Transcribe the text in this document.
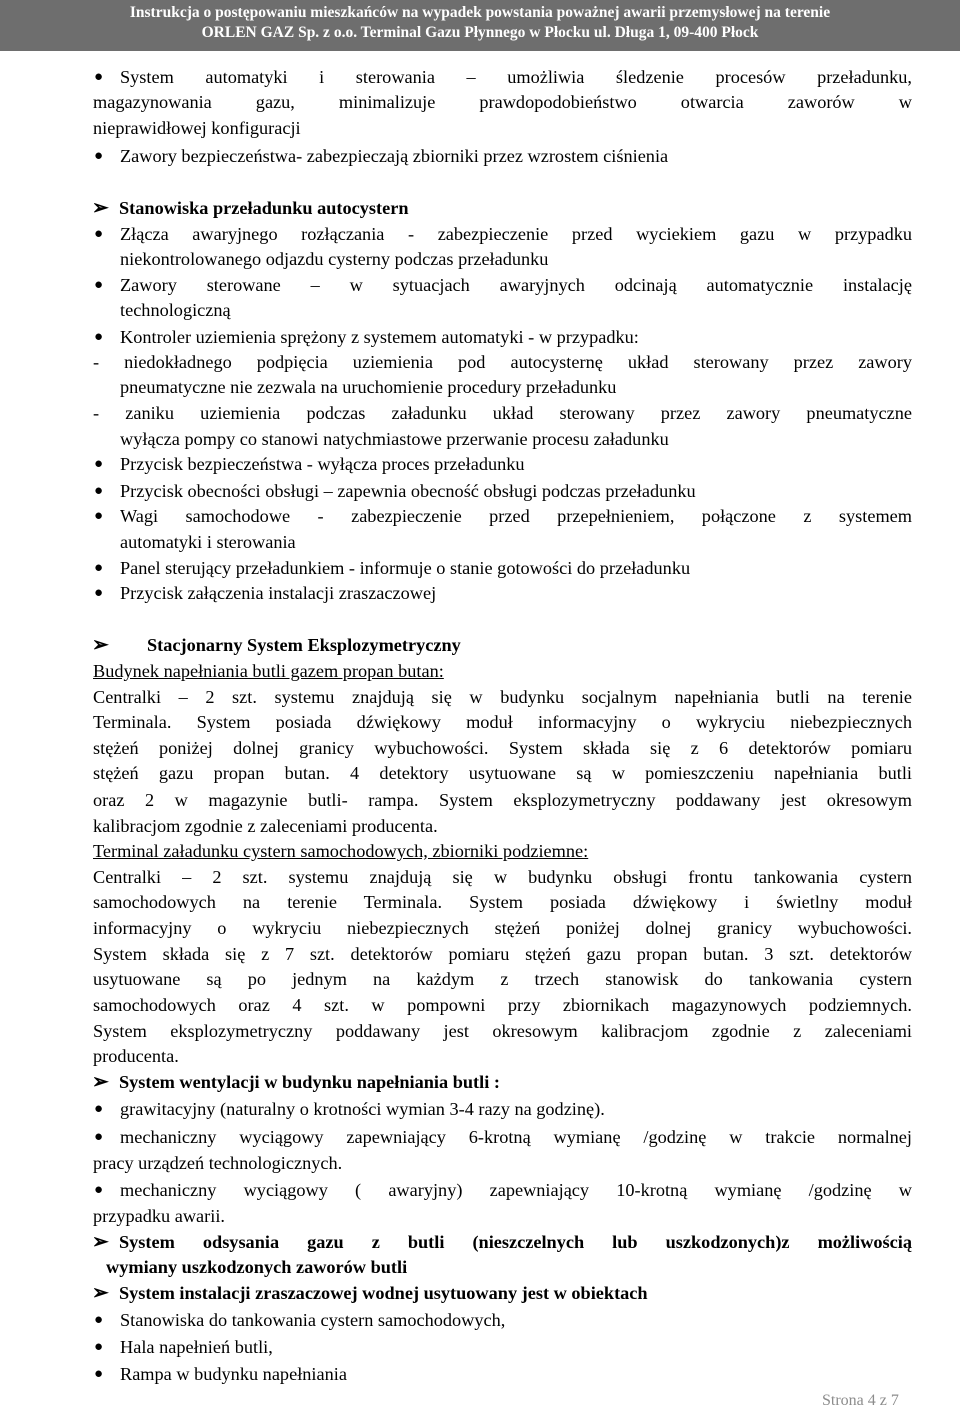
Instrukcja o postępowaniu mieszkańców na wypadek powstania poważnej awarii przemysłowej na terenie
ORLEN GAZ Sp. z o.o. Terminal Gazu Płynnego w Płocku ul. Długa 1, 09-400 Płock
●
●
➢
●
●
●
●
●
●
●
●
➢
➢
●
●
●
➢
➢
●
●
●
System automatyki i sterowania – umożliwia śledzenie procesów przeładunku,
magazynowania gazu, minimalizuje prawdopodobieństwo otwarcia zaworów w
nieprawidłowej konfiguracji
Zawory bezpieczeństwa- zabezpieczają zbiorniki przez wzrostem ciśnienia
Stanowiska przeładunku autocystern
Złącza awaryjnego rozłączania - zabezpieczenie przed wyciekiem gazu w przypadku
niekontrolowanego odjazdu cysterny podczas przeładunku
Zawory sterowane – w sytuacjach awaryjnych odcinają automatycznie instalację
technologiczną
Kontroler uziemienia sprężony z systemem automatyki - w przypadku:
- niedokładnego podpięcia uziemienia pod autocysternę układ sterowany przez zawory
pneumatyczne nie zezwala na uruchomienie procedury przeładunku
- zaniku uziemienia podczas załadunku układ sterowany przez zawory pneumatyczne
wyłącza pompy co stanowi natychmiastowe przerwanie procesu załadunku
Przycisk bezpieczeństwa - wyłącza proces przeładunku
Przycisk obecności obsługi – zapewnia obecność obsługi podczas przeładunku
Wagi samochodowe - zabezpieczenie przed przepełnieniem, połączone z systemem
automatyki i sterowania
Panel sterujący przeładunkiem - informuje o stanie gotowości do przeładunku
Przycisk załączenia instalacji zraszaczowej
Stacjonarny System Eksplozymetryczny
Budynek napełniania butli gazem propan butan:
Centralki – 2 szt. systemu znajdują się w budynku socjalnym napełniania butli na terenie
Terminala. System posiada dźwiękowy moduł informacyjny o wykryciu niebezpiecznych
stężeń poniżej dolnej granicy wybuchowości. System składa się z 6 detektorów pomiaru
stężeń gazu propan butan. 4 detektory usytuowane są w pomieszczeniu napełniania butli
oraz 2 w magazynie butli- rampa. System eksplozymetryczny poddawany jest okresowym
kalibracjom zgodnie z zaleceniami producenta.
Terminal załadunku cystern samochodowych, zbiorniki podziemne:
Centralki – 2 szt. systemu znajdują się w budynku obsługi frontu tankowania cystern
samochodowych na terenie Terminala. System posiada dźwiękowy i świetlny moduł
informacyjny o wykryciu niebezpiecznych stężeń poniżej dolnej granicy wybuchowości.
System składa się z 7 szt. detektorów pomiaru stężeń gazu propan butan. 3 szt. detektorów
usytuowane są po jednym na każdym z trzech stanowisk do tankowania cystern
samochodowych oraz 4 szt. w pompowni przy zbiornikach magazynowych podziemnych.
System eksplozymetryczny poddawany jest okresowym kalibracjom zgodnie z zaleceniami
producenta.
System wentylacji w budynku napełniania butli :
grawitacyjny (naturalny o krotności wymian 3-4 razy na godzinę).
mechaniczny wyciągowy zapewniający 6-krotną wymianę /godzinę w trakcie normalnej
pracy urządzeń technologicznych.
mechaniczny wyciągowy ( awaryjny) zapewniający 10-krotną wymianę /godzinę w
przypadku awarii.
System odsysania gazu z butli (nieszczelnych lub uszkodzonych)z możliwością
wymiany uszkodzonych zaworów butli
System instalacji zraszaczowej wodnej usytuowany jest w obiektach
Stanowiska do tankowania cystern samochodowych,
Hala napełnień butli,
Rampa w budynku napełniania
Strona 4 z 7
